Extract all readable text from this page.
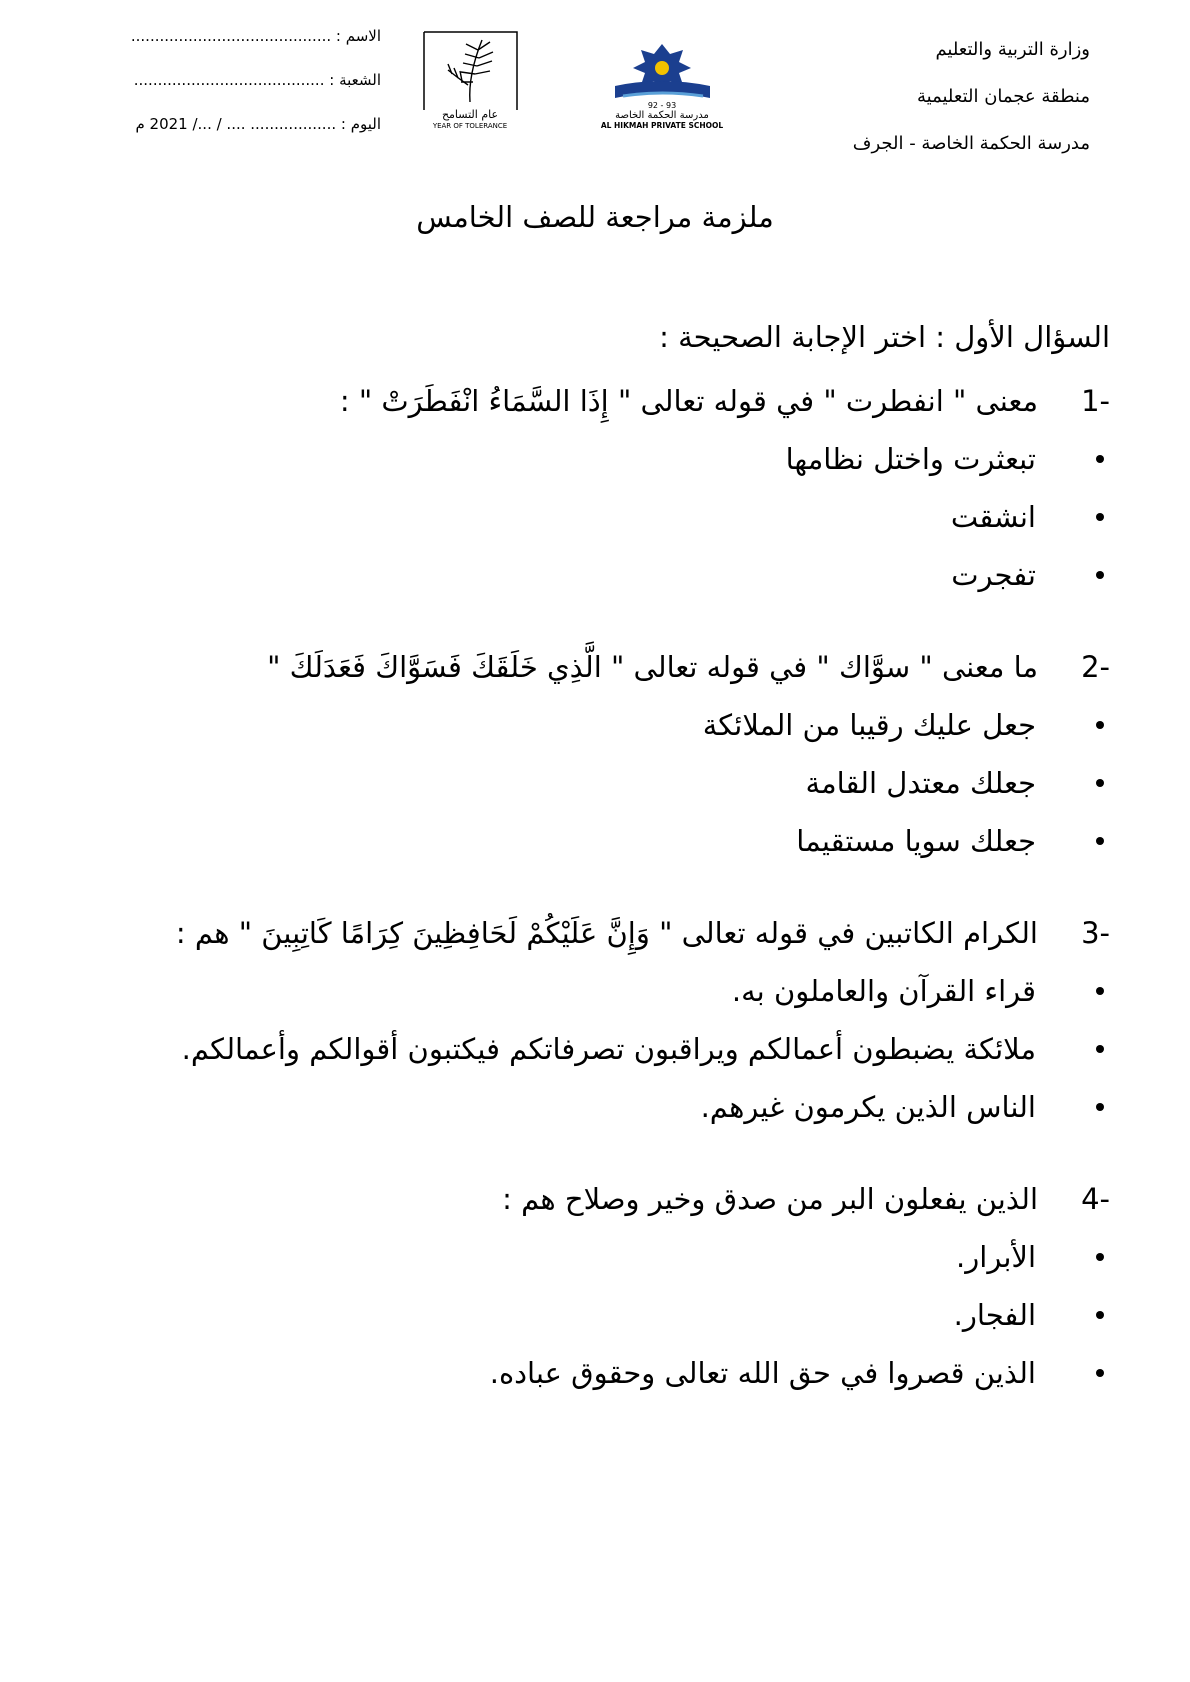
وزارة التربية والتعليم
منطقة عجمان التعليمية
مدرسة الحكمة الخاصة - الجرف
الاسم : ..........................................
الشعبة : ........................................
اليوم : .................. .... / .../ 2021 م
92 - 93
مدرسة الحكمة الخاصة
AL HIKMAH PRIVATE SCHOOL
عام التسامح
YEAR OF TOLERANCE
ملزمة مراجعة للصف الخامس
السؤال الأول : اختر الإجابة الصحيحة :
1-
معنى " انفطرت " في قوله تعالى " إِذَا السَّمَاءُ انْفَطَرَتْ " :
تبعثرت واختل نظامها
انشقت
تفجرت
2-
ما معنى " سوَّاك " في قوله تعالى " الَّذِي خَلَقَكَ فَسَوَّاكَ فَعَدَلَكَ "
جعل عليك رقيبا من الملائكة
جعلك معتدل القامة
جعلك سويا مستقيما
3-
الكرام الكاتبين في قوله تعالى " وَإِنَّ عَلَيْكُمْ لَحَافِظِينَ كِرَامًا كَاتِبِينَ " هم :
قراء القرآن والعاملون به.
ملائكة يضبطون أعمالكم ويراقبون تصرفاتكم فيكتبون أقوالكم وأعمالكم.
الناس الذين يكرمون غيرهم.
4-
الذين يفعلون البر من صدق وخير وصلاح هم :
الأبرار.
الفجار.
الذين قصروا في حق الله تعالى وحقوق عباده.
